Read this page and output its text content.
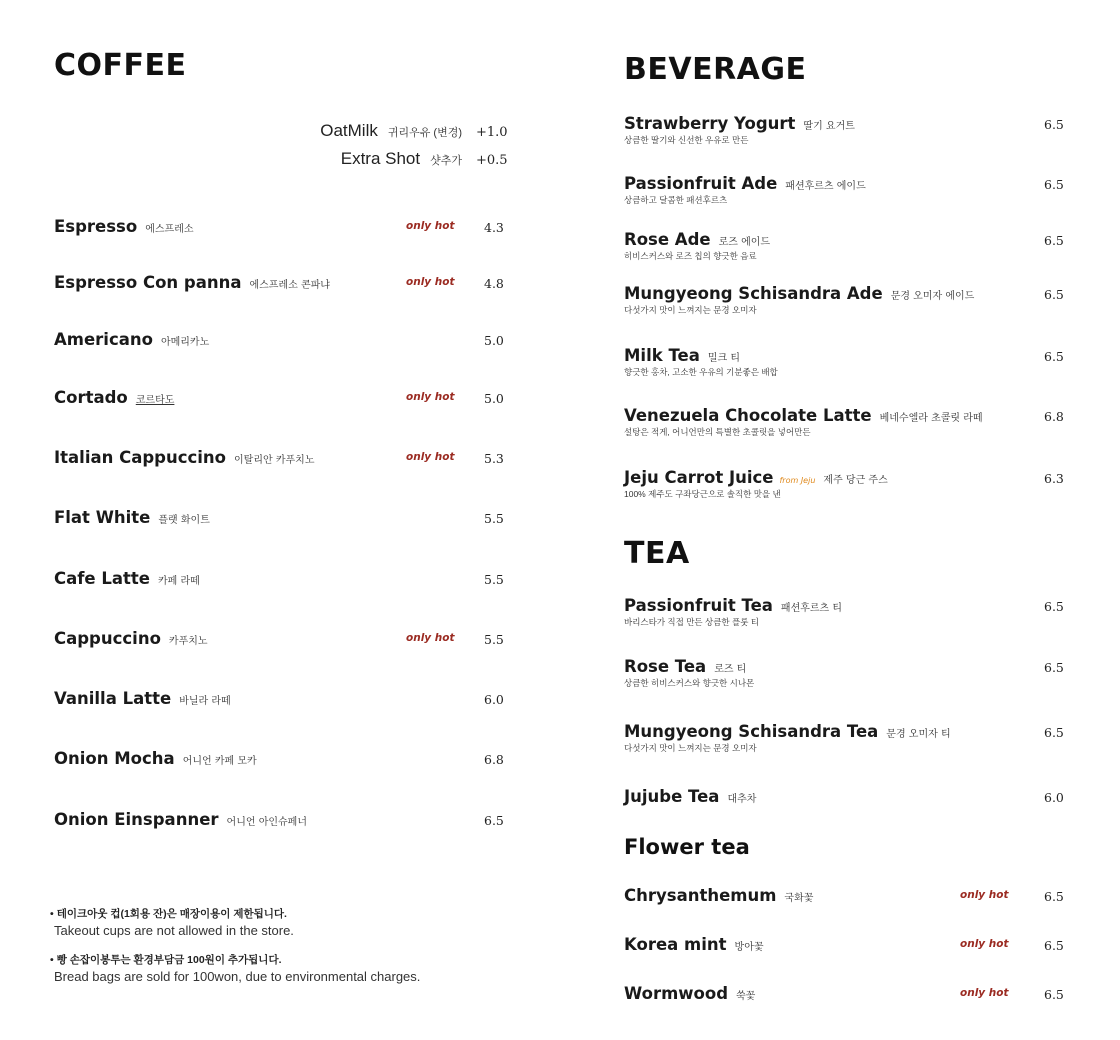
COFFEE
OatMilk 귀리우유 (변경) +1.0
Extra Shot 샷추가 +0.5
Espresso 에스프레소	only hot 4.3
Espresso Con panna 에스프레소 콘파냐	only hot 4.8
Americano 아메리카노	5.0
Cortado 코르타도	only hot 5.0
Italian Cappuccino 이탈리안 카푸치노	only hot 5.3
Flat White 플랫 화이트	5.5
Cafe Latte 카페 라떼	5.5
Cappuccino 카푸치노	only hot 5.5
Vanilla Latte 바닐라 라떼	6.0
Onion Mocha 어니언 카페 모카	6.8
Onion Einspanner 어니언 아인슈페너	6.5
• 테이크아웃 컵(1회용 잔)은 매장이용이 제한됩니다.
Takeout cups are not allowed in the store.
• 빵 손잡이봉투는 환경부담금 100원이 추가됩니다.
Bread bags are sold for 100won, due to environmental charges.
BEVERAGE
Strawberry Yogurt 딸기 요거트
상큼한 딸기와 신선한 우유로 만든
6.5
Passionfruit Ade 패션후르츠 에이드
상큼하고 달콤한 패션후르츠
6.5
Rose Ade 로즈 에이드
히비스커스와 로즈 칩의 향긋한 음료
6.5
Mungyeong Schisandra Ade 문경 오미자 에이드
다섯가지 맛이 느껴지는 문경 오미자
6.5
Milk Tea 밀크 티
향긋한 홍차, 고소한 우유의 기분좋은 배합
6.5
Venezuela Chocolate Latte 베네수엘라 초콜릿 라떼
설탕은 적게, 어니언만의 특별한 초콜릿을 넣어만든
6.8
Jeju Carrot Juice from Jeju 제주 당근 주스
100% 제주도 구좌당근으로 솔직한 맛을 낸
6.3
TEA
Passionfruit Tea 패션후르츠 티
바리스타가 직접 만든 상큼한 플룻 티
6.5
Rose Tea 로즈 티
상큼한 히비스커스와 향긋한 시나몬
6.5
Mungyeong Schisandra Tea 문경 오미자 티
다섯가지 맛이 느껴지는 문경 오미자
6.5
Jujube Tea 대추차	6.0
Flower tea
Chrysanthemum 국화꽃	only hot	6.5
Korea mint 방아꽃	only hot	6.5
Wormwood 쑥꽃	only hot	6.5
